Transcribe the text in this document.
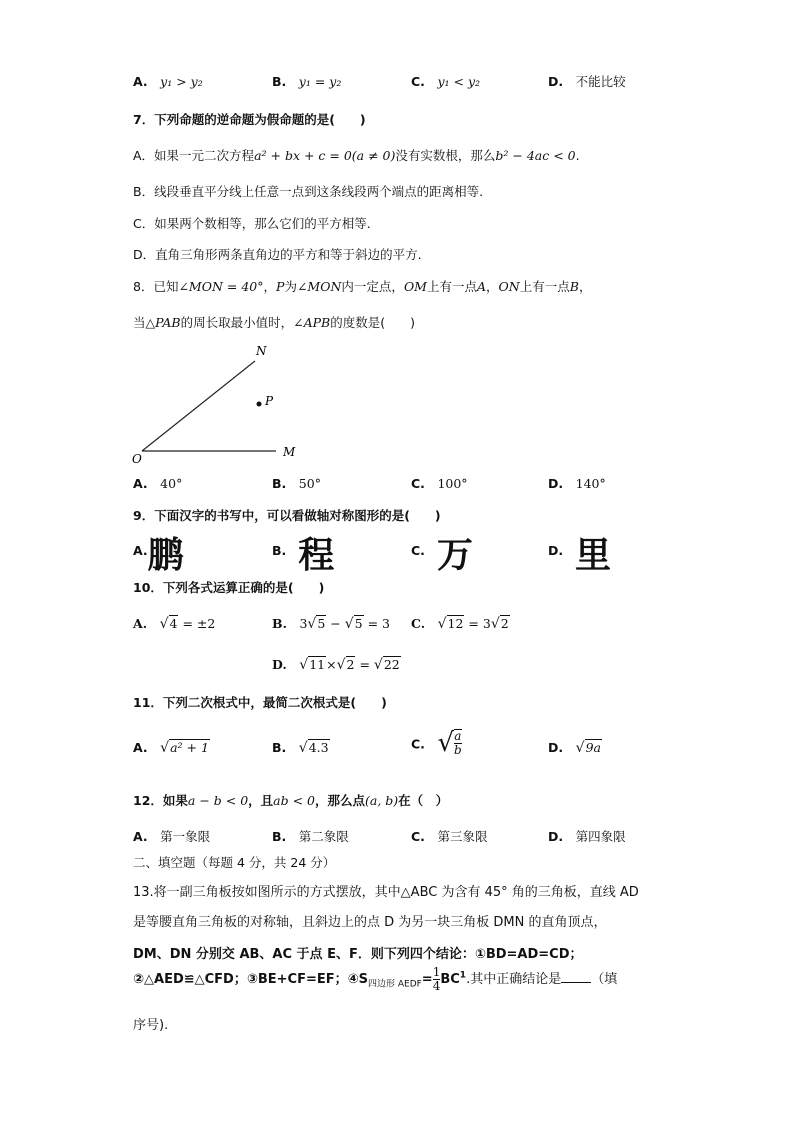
A.　 y₁ > y₂	B.　 y₁ = y₂	C.　 y₁ < y₂	D.　 不能比较
7．下列命题的逆命题为假命题的是(　　)
A．如果一元二次方程a² + bx + c = 0(a ≠ 0)没有实数根，那么b² − 4ac < 0.
B．线段垂直平分线上任意一点到这条线段两个端点的距离相等.
C．如果两个数相等，那么它们的平方相等.
D．直角三角形两条直角边的平方和等于斜边的平方.
8．已知∠MON = 40°，P为∠MON内一定点，OM上有一点A，ON上有一点B，
当△PAB的周长取最小值时，∠APB的度数是(　　)
N
P
O	M
A.　 40°	B.　 50°	C.　 100°	D.　 140°
9．下面汉字的书写中，可以看做轴对称图形的是(　　)
A.鹏	B. 程	C. 万	D. 里
10．下列各式运算正确的是(　　)
A.　 √4 = ±2	B.　 3√5 − √5 = 3 C.　 √12 = 3√2
D.　 √11×√2 = √22
11．下列二次根式中，最简二次根式是(　　)
A.　 √a² + 1	B.　 √4.3	C.　 √ $\frac{a}{b}$	D.　 √9a
12．如果a − b < 0，且ab < 0，那么点(a, b)在（　）
A.　 第一象限	B.　 第二象限	C.　 第三象限	D.　 第四象限
二、填空题（每题 4 分，共 24 分）
13.将一副三角板按如图所示的方式摆放，其中△ABC 为含有 45° 角的三角板，直线 AD
是等腰直角三角板的对称轴，且斜边上的点 D 为另一块三角板 DMN 的直角顶点，
DM、DN 分别交 AB、AC 于点 E、F．则下列四个结论：①BD=AD=CD；
②△AED≌△CFD；③BE+CF=EF；$④S_{四边形 AEDF}= \frac{1}{4} BC^1$.其中正确结论是 （填
序号).
